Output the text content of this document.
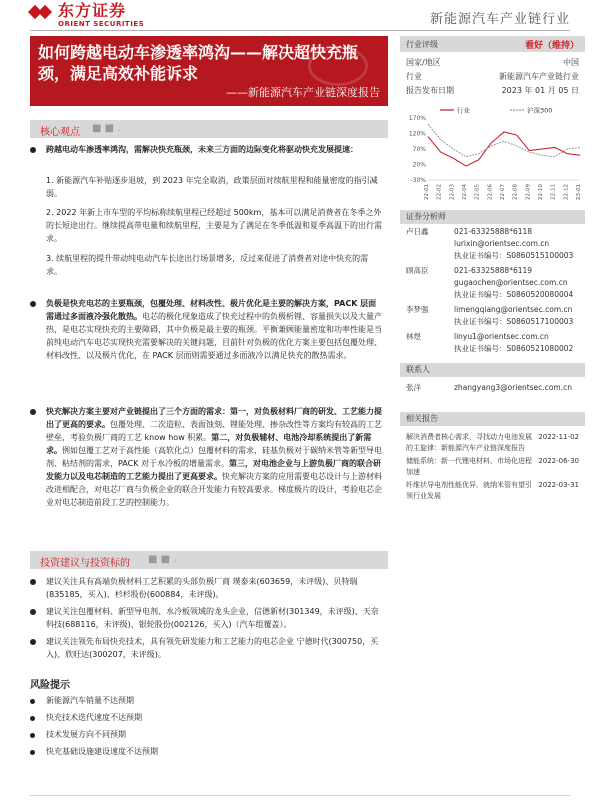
东方证券
ORIENT SECURITIES	新能源汽车产业链行业
如何跨越电动车渗透率鸿沟——解决超快充瓶颈，满足高效补能诉求
——新能源汽车产业链深度报告
行业评级	看好（维持）
国家/地区	中国
行业	新能源汽车产业链行业
报告发布日期	2023 年 01 月 05 日
行业	沪深300
170%
120%
70%
20%
-30%
22-01 22-02 22-03 22-04 22-05 22-06 22-07 22-08 22-09 22-10 22-11 22-12 23-01
证券分析师
卢日鑫	021-63325888*6118
lurixin@orientsec.com.cn
执业证书编号：S0860515100003
顾高臣	021-63325888*6119
gugaochen@orientsec.com.cn
执业证书编号：S0860520080004
李梦强	limengqiang@orientsec.com.cn
执业证书编号：S0860517100003
林煜	linyu1@orientsec.com.cn
执业证书编号：S0860521080002
联系人
张洋	zhangyang3@orientsec.com.cn
相关报告
解决消费者核心需求，寻找动力电池发展的主旋律：新能源汽车产业链深度报告
2022-11-02
储能系统：新一代锂电材料，市场化进程加速
2022-06-30
纤维状导电剂性能优异，就纳米管有望引领行业发展
2022-03-31
核心观点 ■ ■ .
跨越电动车渗透率鸿沟，需解决快充瓶颈，未来三方面的边际变化将驱动快充发展提速：
1. 新能源汽车补贴逐步退坡，到 2023 年完全取消，政策层面对续航里程和能量密度的指引减弱。
2. 2022 年新上市车型的平均标称续航里程已经超过 500km，基本可以满足消费者在冬季之外的长短途出行。继续提高带电量和续航里程，主要是为了满足在冬季低温和夏季高温下的出行需求。
3. 续航里程的提升带动纯电动汽车长途出行场景增多，反过来促进了消费者对途中快充的需求。
负极是快充电芯的主要瓶颈，包覆处理、材料改性、极片优化是主要的解决方案，PACK 层面需通过多面液冷强化散热。电芯的极化现象造成了快充过程中的负极析锂、容量损失以及大量产热，是电芯实现快充的主要障碍，其中负极是最主要的瓶颈。平衡兼顾能量密度和功率性能是当前纯电动汽车电芯实现快充需要解决的关键问题，目前针对负极的优化方案主要包括包覆处理、材料改性、以及极片优化，在 PACK 层面则需要通过多面液冷以满足快充的散热需求。
快充解决方案主要对产业链提出了三个方面的需求：第一，对负极材料厂商的研发、工艺能力提出了更高的要求。包覆处理、二次造粒、表面蚀刻、锂能处理、掺杂改性等方案均有较高的工艺壁垒，考验负极厂商的工艺 know how 积累。第二，对负极辅材、电池冷却系统提出了新需求。例如包覆工艺对于高性能（高软化点）包覆材料的需求，硅基负极对于碳纳米管等新型导电剂、粘结剂的需求，PACK 对于水冷板的增量需求。第三，对电池企业与上游负极厂商的联合研发能力以及电芯制造的工艺能力提出了更高要求。快充解决方案的应用需要电芯设计与上游材料改进相配合，对电芯厂商与负极企业的联合开发能力有较高要求。梯度极片的设计，考验电芯企业对电芯制造前段工艺的控制能力。
投资建议与投资标的 ■ ■ .
建议关注具有高端负极材料工艺积累的头部负极厂商 璞泰来(603659，未评级)、贝特瑞(835185，买入)、杉杉股份(600884，未评级)。
建议关注包覆材料、新型导电剂、水冷板领域的龙头企业，信德新材(301349，未评级)、天奈科技(688116，未评级)、银轮股份(002126，买入)（汽车组覆盖）。
建议关注领先布局快充技术，具有领先研发能力和工艺能力的电芯企业 宁德时代(300750，买入)、欣旺达(300207，未评级)。
风险提示
新能源汽车销量不达预期
快充技术迭代速度不达预期
技术发展方向不同预期
快充基础设施建设速度不达预期
